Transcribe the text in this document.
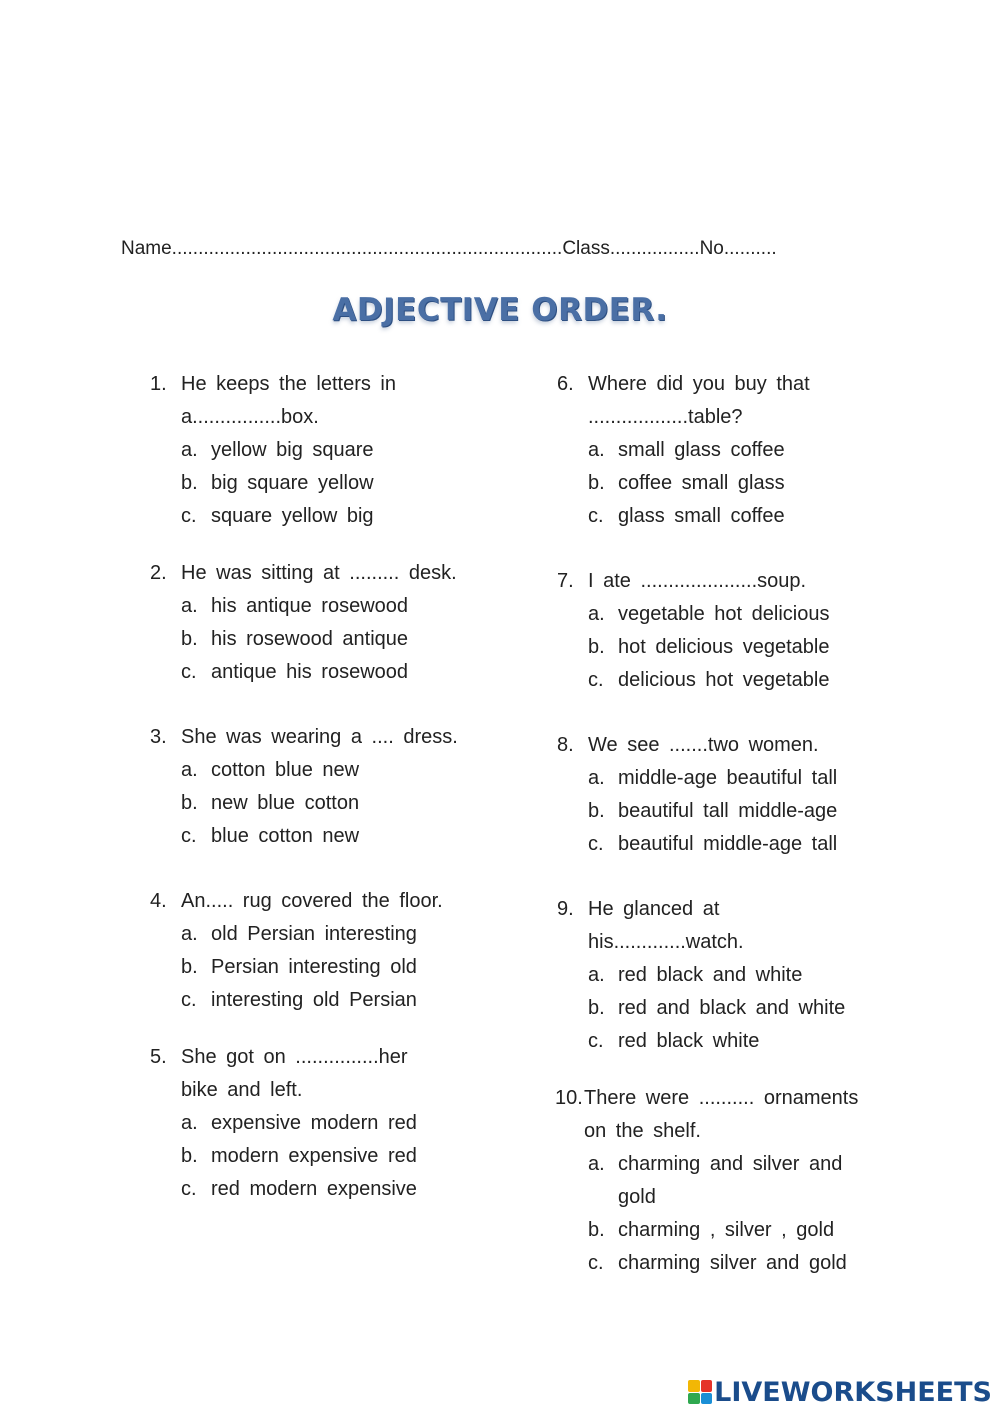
Name..........................................................................Class.................No..........
ADJECTIVE ORDER.
1. He keeps the letters in a................box.
a. yellow big square
b. big square yellow
c. square yellow big
2. He was sitting at ......... desk.
a. his antique rosewood
b. his rosewood antique
c. antique his rosewood
3. She was wearing a .... dress.
a. cotton blue new
b. new blue cotton
c. blue cotton new
4. An..... rug covered the floor.
a. old Persian interesting
b. Persian interesting old
c. interesting old Persian
5. She got on ...............her bike and left.
a. expensive modern red
b. modern expensive red
c. red modern expensive
6. Where did you buy that ..................table?
a. small glass coffee
b. coffee small glass
c. glass small coffee
7. I ate .....................soup.
a. vegetable hot delicious
b. hot delicious vegetable
c. delicious hot vegetable
8. We see .......two women.
a. middle-age beautiful tall
b. beautiful tall middle-age
c. beautiful middle-age tall
9. He glanced at his.............watch.
a. red black and white
b. red and black and white
c. red black white
10. There were .......... ornaments on the shelf.
a. charming and silver and gold
b. charming , silver , gold
c. charming silver and gold
LIVEWORKSHEETS
